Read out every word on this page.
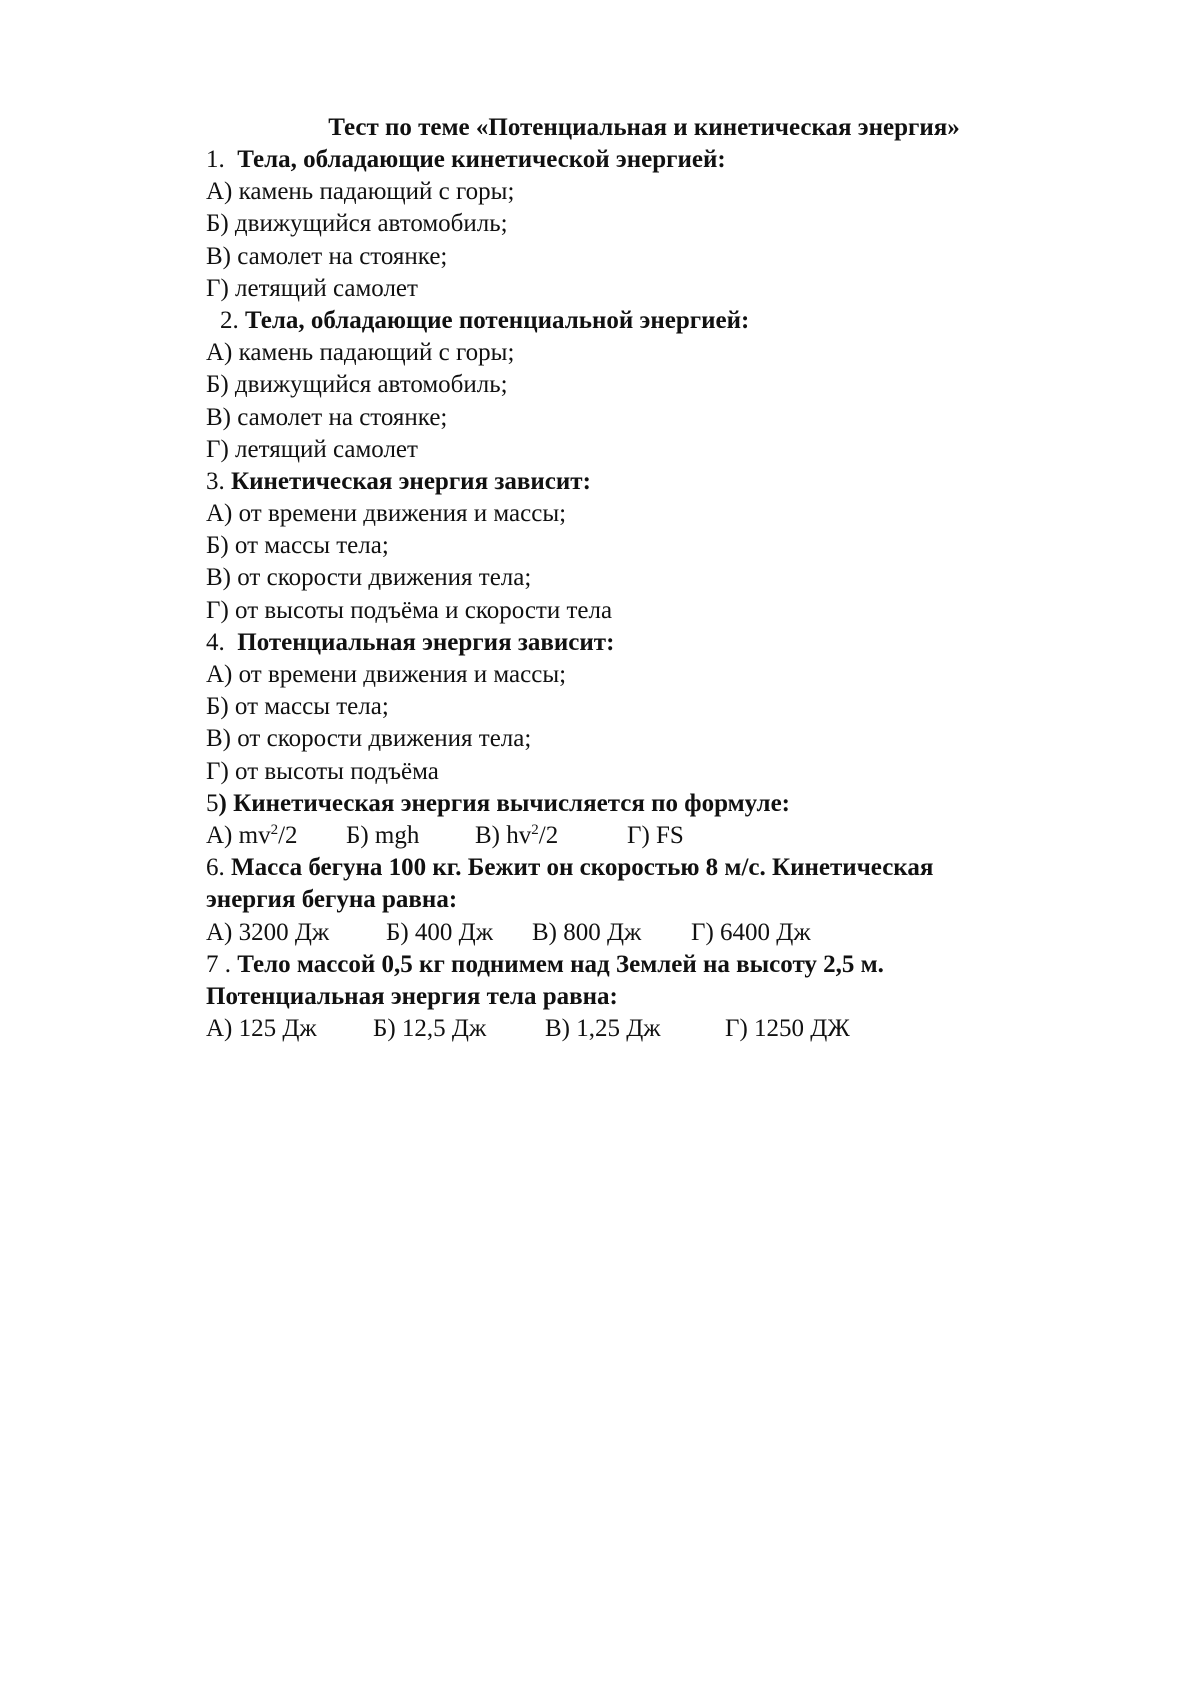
Тест по теме «Потенциальная и кинетическая энергия»
1. Тела, обладающие кинетической энергией:
А) камень падающий с горы;
Б) движущийся автомобиль;
В) самолет на стоянке;
Г) летящий самолет
2. Тела, обладающие потенциальной энергией:
А) камень падающий с горы;
Б) движущийся автомобиль;
В) самолет на стоянке;
Г) летящий самолет
3. Кинетическая энергия зависит:
А) от времени движения и массы;
Б) от массы тела;
В) от скорости движения тела;
Г) от высоты подъёма и скорости тела
4. Потенциальная энергия зависит:
А) от времени движения и массы;
Б) от массы тела;
В) от скорости движения тела;
Г) от высоты подъёма
5) Кинетическая энергия вычисляется по формуле:
А) $mv^2/2$	Б) mgh	В) $hv^2/2$	Г) FS
6. Масса бегуна 100 кг. Бежит он скоростью 8 м/с. Кинетическая
энергия бегуна равна:
А) 3200 Дж	Б) 400 Дж	В) 800 Дж	Г) 6400 Дж
7 . Тело массой 0,5 кг поднимем над Землей на высоту 2,5 м.
Потенциальная энергия тела равна:
А) 125 Дж	Б) 12,5 Дж	В) 1,25 Дж	Г) 1250 ДЖ
